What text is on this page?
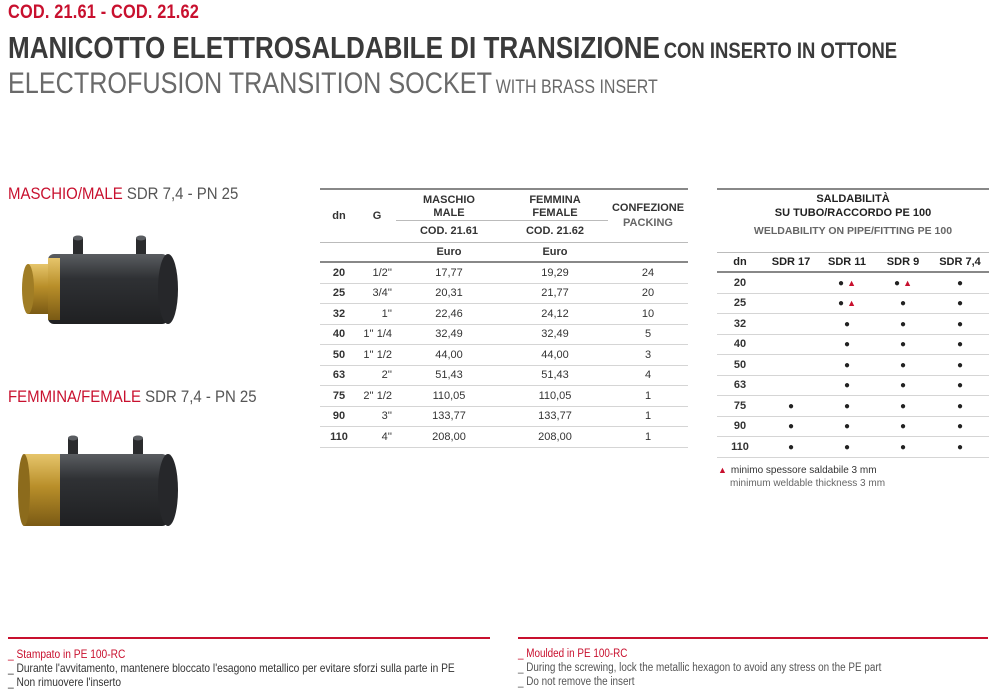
COD. 21.61 - COD. 21.62
MANICOTTO ELETTROSALDABILE DI TRANSIZIONE CON INSERTO IN OTTONE
ELECTROFUSION TRANSITION SOCKET WITH BRASS INSERT
MASCHIO/MALE SDR 7,4 - PN 25
FEMMINA/FEMALE SDR 7,4 - PN 25
dn	G	MASCHIO	FEMMINA	CONFEZIONE
PACKING

		MALE	FEMALE	
		COD. 21.61	COD. 21.62	
		Euro	Euro	
20	1/2''	17,77	19,29	24
25	3/4''	20,31	21,77	20
32	1''	22,46	24,12	10
40	1'' 1/4	32,49	32,49	5
50	1'' 1/2	44,00	44,00	3
63	2''	51,43	51,43	4
75	2'' 1/2	110,05	110,05	1
90	3''	133,77	133,77	1
110	4''	208,00	208,00	1
SALDABILITÀ
SU TUBO/RACCORDO PE 100				

WELDABILITY ON PIPE/FITTING PE 100				

dn	SDR 17	SDR 11	SDR 9	SDR 7,4
20		● ▲	● ▲	●
25		● ▲	●	●
32		●	●	●
40		●	●	●
50		●	●	●
63		●	●	●
75	●	●	●	●
90	●	●	●	●
110	●	●	●	●
▲ minimo spessore saldabile 3 mm
minimum weldable thickness 3 mm
_ Stampato in PE 100-RC
_ Durante l'avvitamento, mantenere bloccato l'esagono metallico per evitare sforzi sulla parte in PE
_ Non rimuovere l'inserto
_ Moulded in PE 100-RC
_ During the screwing, lock the metallic hexagon to avoid any stress on the PE part
_ Do not remove the insert
